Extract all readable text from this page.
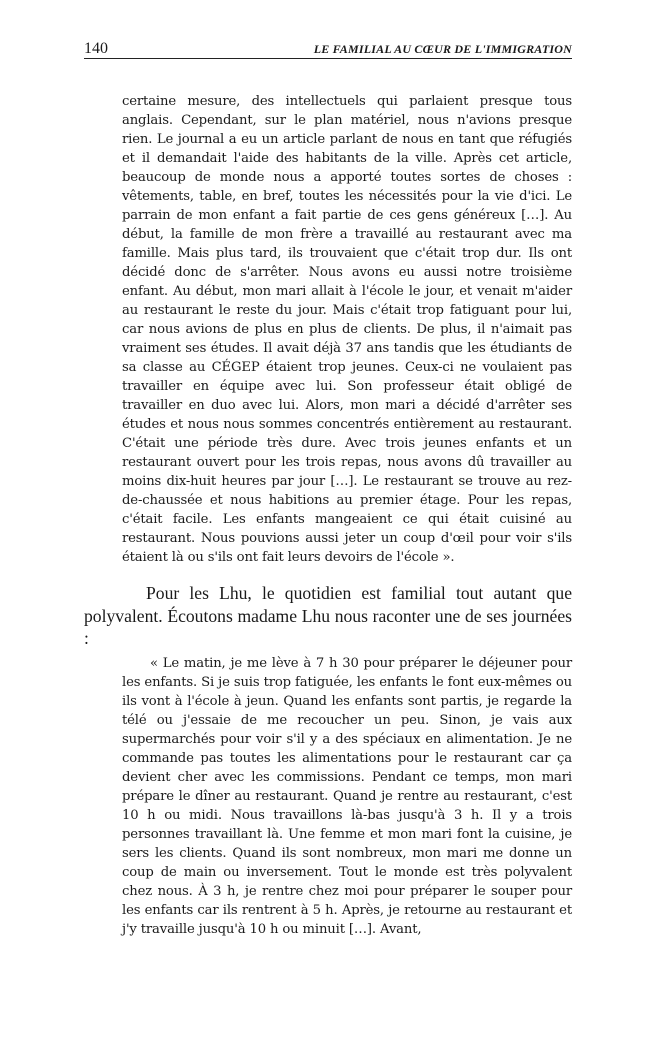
140	LE FAMILIAL AU CŒUR DE L'IMMIGRATION

certaine mesure, des intellectuels qui parlaient presque tous anglais. Cependant, sur le plan matériel, nous n'avions presque rien. Le journal a eu un article parlant de nous en tant que réfugiés et il demandait l'aide des habitants de la ville. Après cet article, beaucoup de monde nous a apporté toutes sortes de choses : vêtements, table, en bref, toutes les nécessités pour la vie d'ici. Le parrain de mon enfant a fait partie de ces gens généreux […]. Au début, la famille de mon frère a travaillé au restaurant avec ma famille. Mais plus tard, ils trouvaient que c'était trop dur. Ils ont décidé donc de s'arrêter. Nous avons eu aussi notre troisième enfant. Au début, mon mari allait à l'école le jour, et venait m'aider au restaurant le reste du jour. Mais c'était trop fatiguant pour lui, car nous avions de plus en plus de clients. De plus, il n'aimait pas vraiment ses études. Il avait déjà 37 ans tandis que les étudiants de sa classe au CÉGEP étaient trop jeunes. Ceux-ci ne voulaient pas travailler en équipe avec lui. Son professeur était obligé de travailler en duo avec lui. Alors, mon mari a décidé d'arrêter ses études et nous nous sommes concentrés entièrement au restaurant. C'était une période très dure. Avec trois jeunes enfants et un restaurant ouvert pour les trois repas, nous avons dû travailler au moins dix-huit heures par jour […]. Le restaurant se trouve au rez-de-chaussée et nous habitions au premier étage. Pour les repas, c'était facile. Les enfants mangeaient ce qui était cuisiné au restaurant. Nous pouvions aussi jeter un coup d'œil pour voir s'ils étaient là ou s'ils ont fait leurs devoirs de l'école ».

Pour les Lhu, le quotidien est familial tout autant que polyvalent. Écoutons madame Lhu nous raconter une de ses journées :

« Le matin, je me lève à 7 h 30 pour préparer le déjeuner pour les enfants. Si je suis trop fatiguée, les enfants le font eux-mêmes ou ils vont à l'école à jeun. Quand les enfants sont partis, je regarde la télé ou j'essaie de me recoucher un peu. Sinon, je vais aux supermarchés pour voir s'il y a des spéciaux en alimentation. Je ne commande pas toutes les alimentations pour le restaurant car ça devient cher avec les commissions. Pendant ce temps, mon mari prépare le dîner au restaurant. Quand je rentre au restaurant, c'est 10 h ou midi. Nous travaillons là-bas jusqu'à 3 h. Il y a trois personnes travaillant là. Une femme et mon mari font la cuisine, je sers les clients. Quand ils sont nombreux, mon mari me donne un coup de main ou inversement. Tout le monde est très polyvalent chez nous. À 3 h, je rentre chez moi pour préparer le souper pour les enfants car ils rentrent à 5 h. Après, je retourne au restaurant et j'y travaille jusqu'à 10 h ou minuit […]. Avant,
